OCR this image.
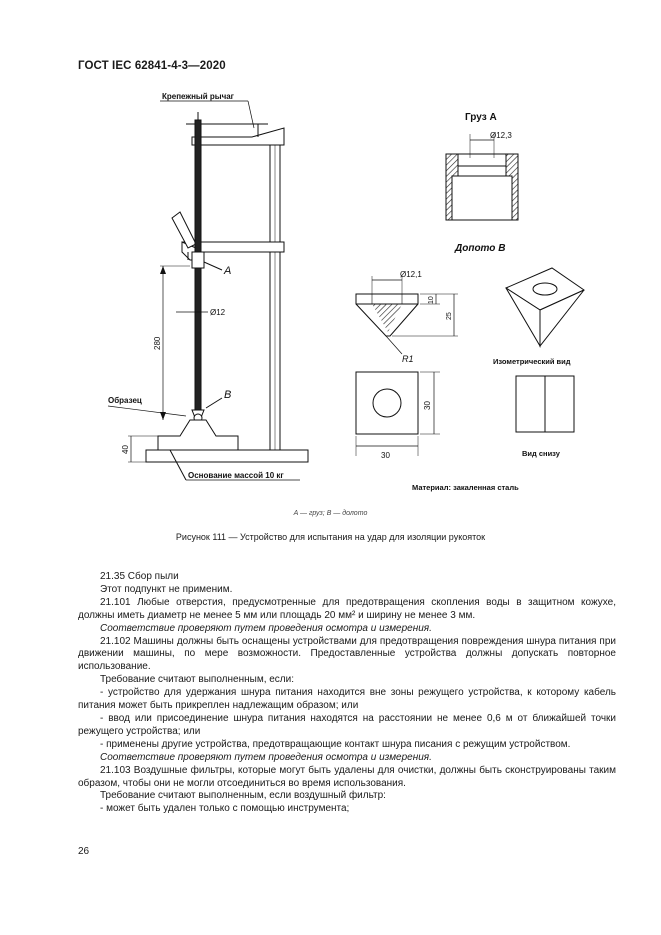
ГОСТ IEC 62841-4-3—2020
Крепежный рычаг
A
Ø12
280
Образец	B
40
Основание массой 10 кг
Груз A
Ø12,3
Допото B
Ø12,1
10
25
R1	Изометрический вид
30
30
Вид снизу
Материал: закаленная сталь
A — груз; B — долото
Рисунок 111 — Устройство для испытания на удар для изоляции рукояток

21.35 Сбор пыли

Этот подпункт не применим.

21.101 Любые отверстия, предусмотренные для предотвращения скопления воды в защитном кожухе, должны иметь диаметр не менее 5 мм или площадь 20 мм² и ширину не менее 3 мм.

Соответствие проверяют путем проведения осмотра и измерения.

21.102 Машины должны быть оснащены устройствами для предотвращения повреждения шнура питания при движении машины, по мере возможности. Предоставленные устройства должны допускать повторное использование.

Требование считают выполненным, если:

- устройство для удержания шнура питания находится вне зоны режущего устройства, к которому кабель питания может быть прикреплен надлежащим образом; или

- ввод или присоединение шнура питания находятся на расстоянии не менее 0,6 м от ближайшей точки режущего устройства; или

- применены другие устройства, предотвращающие контакт шнура писания с режущим устройством.

Соответствие проверяют путем проведения осмотра и измерения.

21.103 Воздушные фильтры, которые могут быть удалены для очистки, должны быть сконструированы таким образом, чтобы они не могли отсоединиться во время использования.

Требование считают выполненным, если воздушный фильтр:

- может быть удален только с помощью инструмента;

26
